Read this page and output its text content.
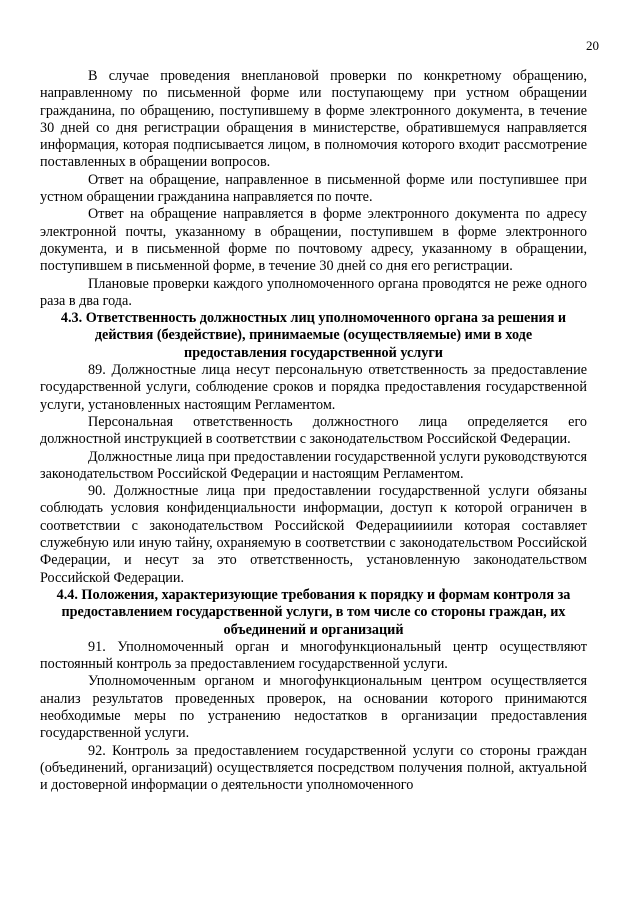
20

В случае проведения внеплановой проверки по конкретному обращению, направленному по письменной форме или поступающему при устном обращении гражданина, по обращению, поступившему в форме электронного документа, в течение 30 дней со дня регистрации обращения в министерстве, обратившемуся направляется информация, которая подписывается лицом, в полномочия которого входит рассмотрение поставленных в обращении вопросов.

Ответ на обращение, направленное в письменной форме или поступившее при устном обращении гражданина направляется по почте.

Ответ на обращение направляется в форме электронного документа по адресу электронной почты, указанному в обращении, поступившем в форме электронного документа, и в письменной форме по почтовому адресу, указанному в обращении, поступившем в письменной форме, в течение 30 дней со дня его регистрации.

Плановые проверки каждого уполномоченного органа проводятся не реже одного раза в два года.

4.3. Ответственность должностных лиц уполномоченного органа за решения и действия (бездействие), принимаемые (осуществляемые) ими в ходе предоставления государственной услуги

89. Должностные лица несут персональную ответственность за предоставление государственной услуги, соблюдение сроков и порядка предоставления государственной услуги, установленных настоящим Регламентом.

Персональная ответственность должностного лица определяется его должностной инструкцией в соответствии с законодательством Российской Федерации.

Должностные лица при предоставлении государственной услуги руководствуются законодательством Российской Федерации и настоящим Регламентом.

90. Должностные лица при предоставлении государственной услуги обязаны соблюдать условия конфиденциальности информации, доступ к которой ограничен в соответствии с законодательством Российской Федерациииили которая составляет служебную или иную тайну, охраняемую в соответствии с законодательством Российской Федерации, и несут за это ответственность, установленную законодательством Российской Федерации.

4.4. Положения, характеризующие требования к порядку и формам контроля за предоставлением государственной услуги, в том числе со стороны граждан, их объединений и организаций

91. Уполномоченный орган и многофункциональный центр осуществляют постоянный контроль за предоставлением государственной услуги.

Уполномоченным органом и многофункциональным центром осуществляется анализ результатов проведенных проверок, на основании которого принимаются необходимые меры по устранению недостатков в организации предоставления государственной услуги.

92. Контроль за предоставлением государственной услуги со стороны граждан (объединений, организаций) осуществляется посредством получения полной, актуальной и достоверной информации о деятельности уполномоченного
